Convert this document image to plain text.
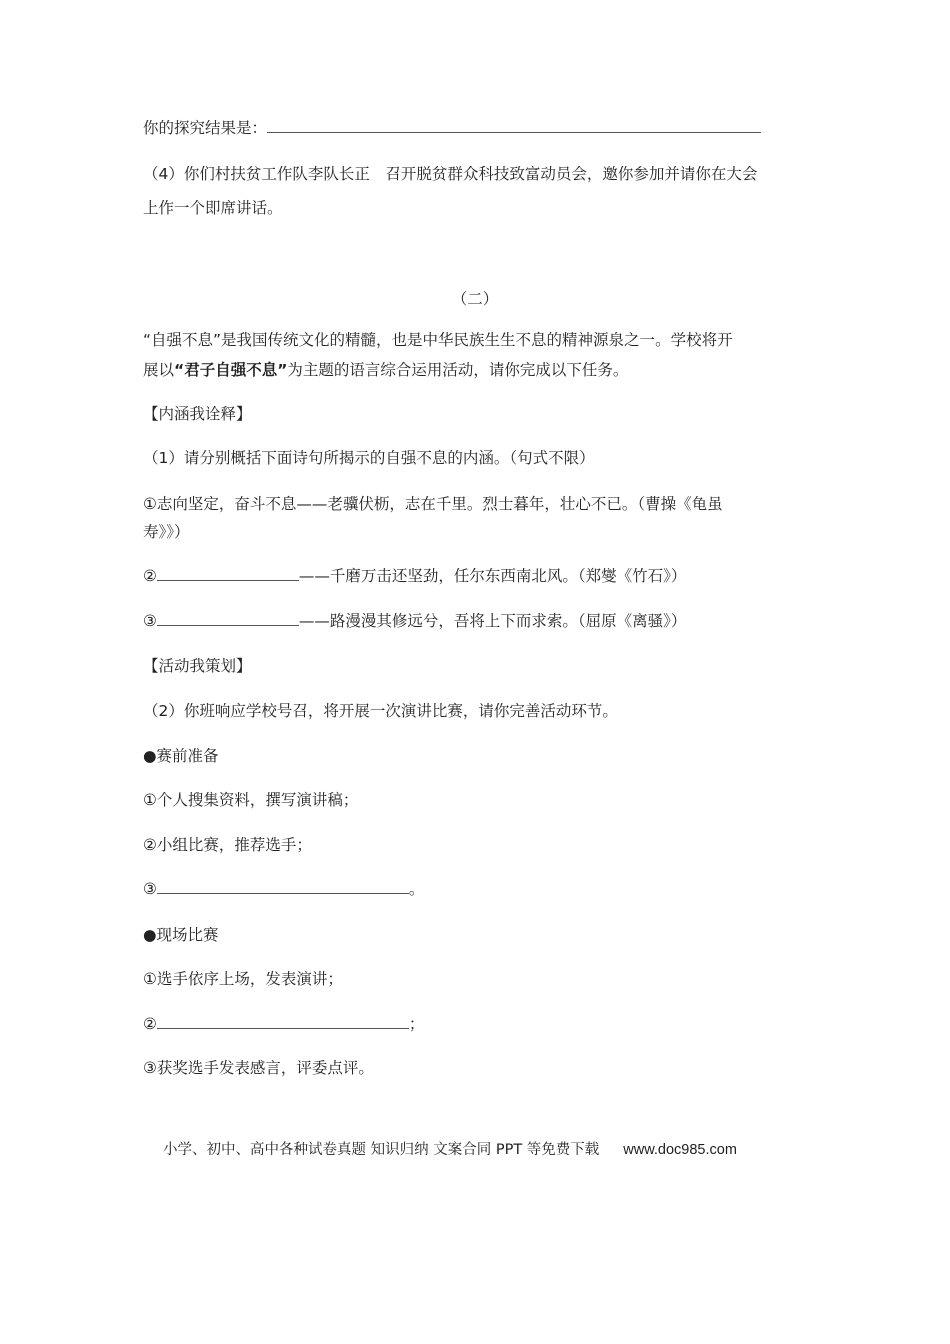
你的探究结果是：
（4）你们村扶贫工作队李队长正　召开脱贫群众科技致富动员会，邀你参加并请你在大会
上作一个即席讲话。
（二）
“自强不息”是我国传统文化的精髓，也是中华民族生生不息的精神源泉之一。学校将开
展以“君子自强不息”为主题的语言综合运用活动，请你完成以下任务。
【内涵我诠释】
（1）请分别概括下面诗句所揭示的自强不息的内涵。（句式不限）
①志向坚定，奋斗不息——老骥伏枥，志在千里。烈士暮年，壮心不已。（曹操《龟虽
寿》》）
②	——千磨万击还坚劲，任尔东西南北风。（郑燮《竹石》）
③	——路漫漫其修远兮，吾将上下而求索。（屈原《离骚》）
【活动我策划】
（2）你班响应学校号召，将开展一次演讲比赛，请你完善活动环节。
●赛前准备
①个人搜集资料，撰写演讲稿；
②小组比赛，推荐选手；
③	。
●现场比赛
①选手依序上场，发表演讲；
②	；
③获奖选手发表感言，评委点评。
小学、初中、高中各种试卷真题 知识归纳 文案合同 PPT 等免费下载 www.doc985.com
